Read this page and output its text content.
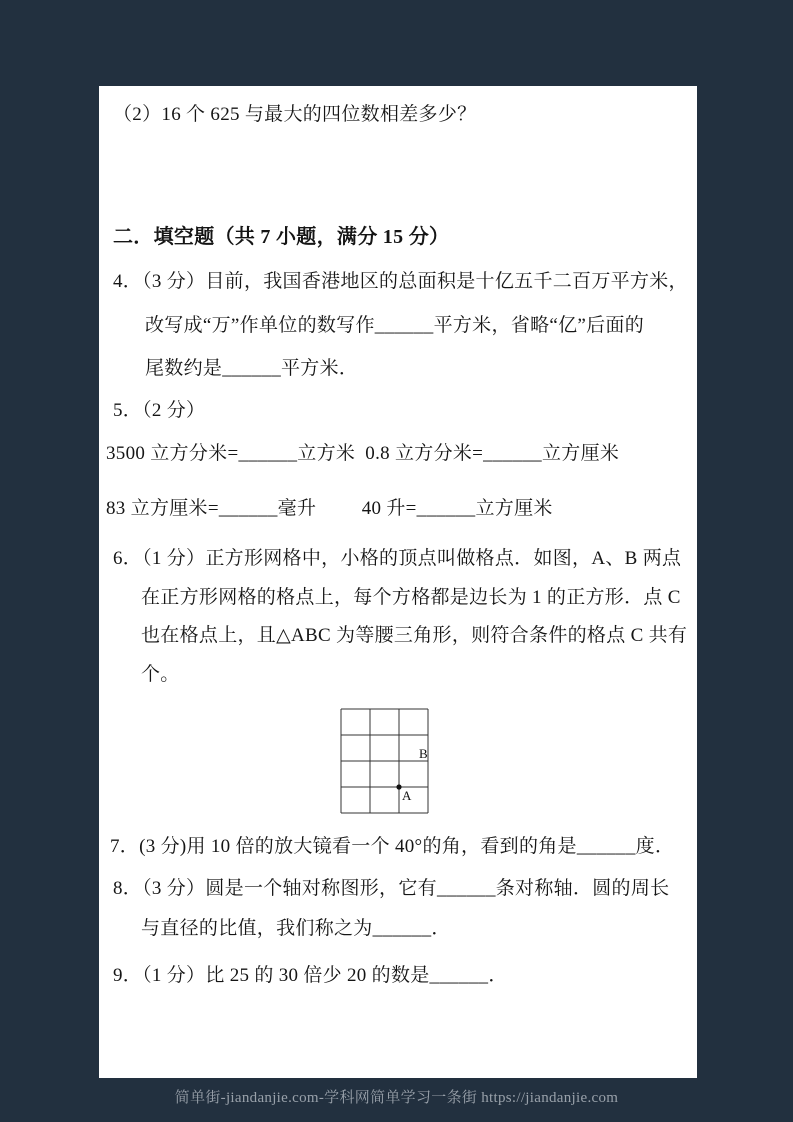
（2）16 个 625 与最大的四位数相差多少？
二．填空题（共 7 小题，满分 15 分）
4．（3 分）目前，我国香港地区的总面积是十亿五千二百万平方米，
改写成“万”作单位的数写作______平方米，省略“亿”后面的
尾数约是______平方米．
5．（2 分）
3500 立方分米=______立方米  0.8 立方分米=______立方厘米
83 立方厘米=______毫升         40 升=______立方厘米
6．（1 分）正方形网格中，小格的顶点叫做格点．如图，A、B 两点
在正方形网格的格点上，每个方格都是边长为 1 的正方形．点 C
也在格点上，且△ABC 为等腰三角形，则符合条件的格点 C 共有
个。
B
A
7．(3 分)用 10 倍的放大镜看一个 40°的角，看到的角是______度．
8．（3 分）圆是一个轴对称图形，它有______条对称轴．圆的周长
与直径的比值，我们称之为______．
9．（1 分）比 25 的 30 倍少 20 的数是______．
简单街-jiandanjie.com-学科网简单学习一条街 https://jiandanjie.com
